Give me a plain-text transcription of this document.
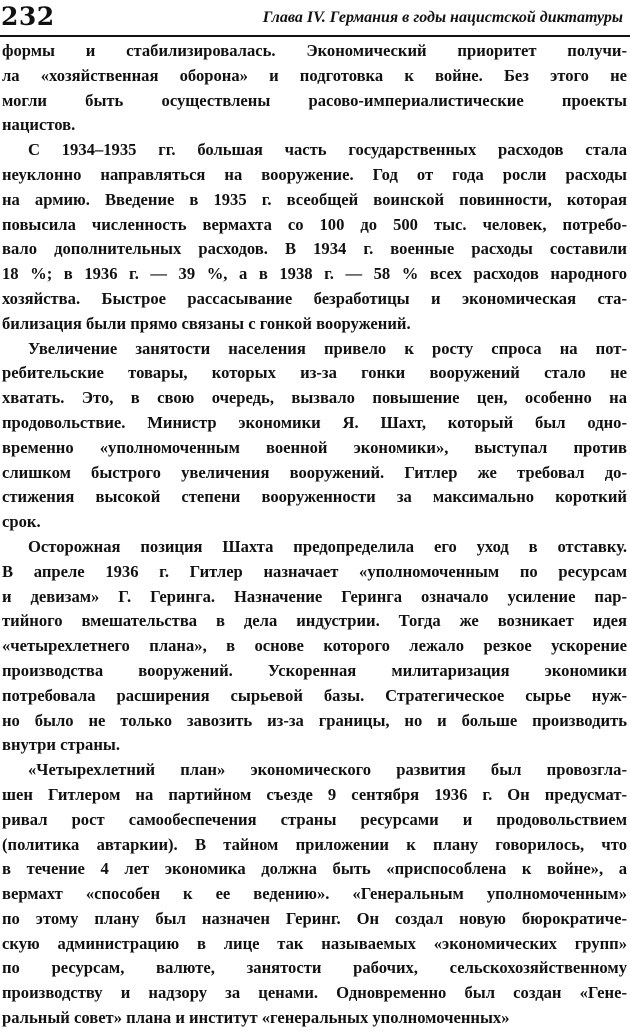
232	Глава IV. Германия в годы нацистской диктатуры

формы и стабилизировалась. Экономический приоритет получи-
ла «хозяйственная оборона» и подготовка к войне. Без этого не
могли быть осуществлены расово-империалистические проекты
нацистов.

С 1934–1935 гг. большая часть государственных расходов стала
неуклонно направляться на вооружение. Год от года росли расходы
на армию. Введение в 1935 г. всеобщей воинской повинности, которая
повысила численность вермахта со 100 до 500 тыс. человек, потребо-
вало дополнительных расходов. В 1934 г. военные расходы составили
18 %; в 1936 г. — 39 %, а в 1938 г. — 58 % всех расходов народного
хозяйства. Быстрое рассасывание безработицы и экономическая ста-
билизация были прямо связаны с гонкой вооружений.

Увеличение занятости населения привело к росту спроса на пот-
ребительские товары, которых из-за гонки вооружений стало не
хватать. Это, в свою очередь, вызвало повышение цен, особенно на
продовольствие. Министр экономики Я. Шахт, который был одно-
временно «уполномоченным военной экономики», выступал против
слишком быстрого увеличения вооружений. Гитлер же требовал до-
стижения высокой степени вооруженности за максимально короткий
срок.

Осторожная позиция Шахта предопределила его уход в отставку.
В апреле 1936 г. Гитлер назначает «уполномоченным по ресурсам
и девизам» Г. Геринга. Назначение Геринга означало усиление пар-
тийного вмешательства в дела индустрии. Тогда же возникает идея
«четырехлетнего плана», в основе которого лежало резкое ускорение
производства вооружений. Ускоренная милитаризация экономики
потребовала расширения сырьевой базы. Стратегическое сырье нуж-
но было не только завозить из-за границы, но и больше производить
внутри страны.

«Четырехлетний план» экономического развития был провозгла-
шен Гитлером на партийном съезде 9 сентября 1936 г. Он предусмат-
ривал рост самообеспечения страны ресурсами и продовольствием
(политика автаркии). В тайном приложении к плану говорилось, что
в течение 4 лет экономика должна быть «приспособлена к войне», а
вермахт «способен к ее ведению». «Генеральным уполномоченным»
по этому плану был назначен Геринг. Он создал новую бюрократиче-
скую администрацию в лице так называемых «экономических групп»
по ресурсам, валюте, занятости рабочих, сельскохозяйственному
производству и надзору за ценами. Одновременно был создан «Гене-
ральный совет» плана и институт «генеральных уполномоченных»
